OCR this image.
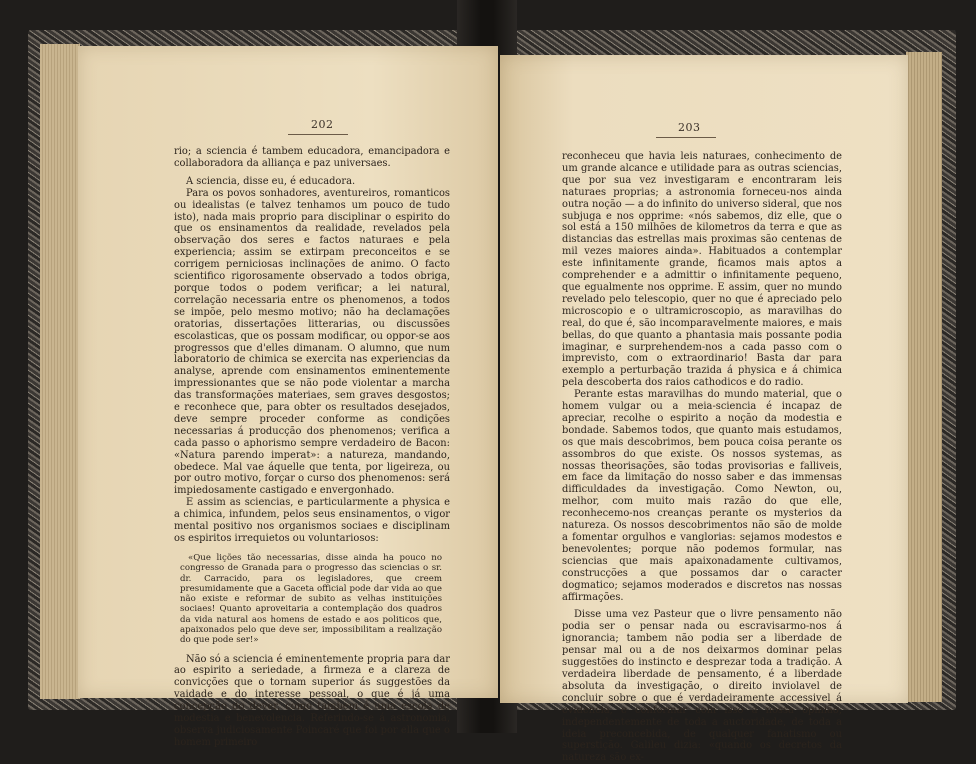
202

rio; a sciencia é tambem educadora, emancipadora e collaboradora da alliança e paz universaes.

A sciencia, disse eu, é educadora.

Para os povos sonhadores, aventureiros, romanticos ou idealistas (e talvez tenhamos um pouco de tudo isto), nada mais proprio para disciplinar o espirito do que os ensinamentos da realidade, revelados pela observação dos seres e factos naturaes e pela experiencia; assim se extirpam preconceitos e se corrigem perniciosas inclinações de animo. O facto scientifico rigorosamente observado a todos obriga, porque todos o podem verificar; a lei natural, correlação necessaria entre os phenomenos, a todos se impõe, pelo mesmo motivo; não ha declamações oratorias, dissertações litterarias, ou discussões escolasticas, que os possam modificar, ou oppor-se aos progressos que d'elles dimanam. O alumno, que num laboratorio de chimica se exercita nas experiencias da analyse, aprende com ensinamentos eminentemente impressionantes que se não pode violentar a marcha das transformações materiaes, sem graves desgostos; e reconhece que, para obter os resultados desejados, deve sempre proceder conforme as condições necessarias á producção dos phenomenos; verifica a cada passo o aphorismo sempre verdadeiro de Bacon: «Natura parendo imperat»: a natureza, mandando, obedece. Mal vae áquelle que tenta, por ligeireza, ou por outro motivo, forçar o curso dos phenomenos: será impiedosamente castigado e envergonhado.

E assim as sciencias, e particularmente a physica e a chimica, infundem, pelos seus ensinamentos, o vigor mental positivo nos organismos sociaes e disciplinam os espiritos irrequietos ou voluntariosos:

«Que lições tão necessarias, disse ainda ha pouco no congresso de Granada para o progresso das sciencias o sr. dr. Carracido, para os legisladores, que creem presumidamente que a Gaceta official pode dar vida ao que não existe e reformar de subito as velhas instituições sociaes! Quanto aproveitaria a contemplação dos quadros da vida natural aos homens de estado e aos politicos que, apaixonados pelo que deve ser, impossibilitam a realização do que pode ser!»

Não só a sciencia é eminentemente propria para dar ao espirito a seriedade, a firmeza e a clareza de convicções que o tornam superior ás suggestões da vaidade e do interesse pessoal, o que é já uma concepção do dever, como tambem é uma escola de modestia e benevolencia. Referindo-se á astronomia, observa judiciosamente Poincaré que foi por ella que o homem primeiro

203

reconheceu que havia leis naturaes, conhecimento de um grande alcance e utilidade para as outras sciencias, que por sua vez investigaram e encontraram leis naturaes proprias; a astronomia forneceu-nos ainda outra noção — a do infinito do universo sideral, que nos subjuga e nos opprime: «nós sabemos, diz elle, que o sol está a 150 milhões de kilometros da terra e que as distancias das estrellas mais proximas são centenas de mil vezes maiores ainda». Habituados a contemplar este infinitamente grande, ficamos mais aptos a comprehender e a admittir o infinitamente pequeno, que egualmente nos opprime. E assim, quer no mundo revelado pelo telescopio, quer no que é apreciado pelo microscopio e o ultramicroscopio, as maravilhas do real, do que é, são incomparavelmente maiores, e mais bellas, do que quanto a phantasia mais possante podia imaginar, e surprehendem-nos a cada passo com o imprevisto, com o extraordinario! Basta dar para exemplo a perturbação trazida á physica e á chimica pela descoberta dos raios cathodicos e do radio.

Perante estas maravilhas do mundo material, que o homem vulgar ou a meia-sciencia é incapaz de apreciar, recolhe o espirito a noção da modestia e bondade. Sabemos todos, que quanto mais estudamos, os que mais descobrimos, bem pouca coisa perante os assombros do que existe. Os nossos systemas, as nossas theorisações, são todas provisorias e falliveis, em face da limitação do nosso saber e das immensas difficuldades da investigação. Como Newton, ou, melhor, com muito mais razão do que elle, reconhecemo-nos creanças perante os mysterios da natureza. Os nossos descobrimentos não são de molde a fomentar orgulhos e vanglorias: sejamos modestos e benevolentes; porque não podemos formular, nas sciencias que mais apaixonadamente cultivamos, construcções a que possamos dar o caracter dogmatico; sejamos moderados e discretos nas nossas affirmações.

Disse uma vez Pasteur que o livre pensamento não podia ser o pensar nada ou escravisarmo-nos á ignorancia; tambem não podia ser a liberdade de pensar mal ou a de nos deixarmos dominar pelas suggestões do instincto e desprezar toda a tradição. A verdadeira liberdade de pensamento, é a liberdade absoluta da investigação, o direito inviolavel de concluir sobre o que é verdadeiramente accessivel á evidencia, e conformar com isso a nossa opinião, independentemente de toda a auctoridade, de toda a ideia preconcebida, de qualquer fanatismo ou superstição. Galileu dizia: «quando os decretos da natureza são ex-
